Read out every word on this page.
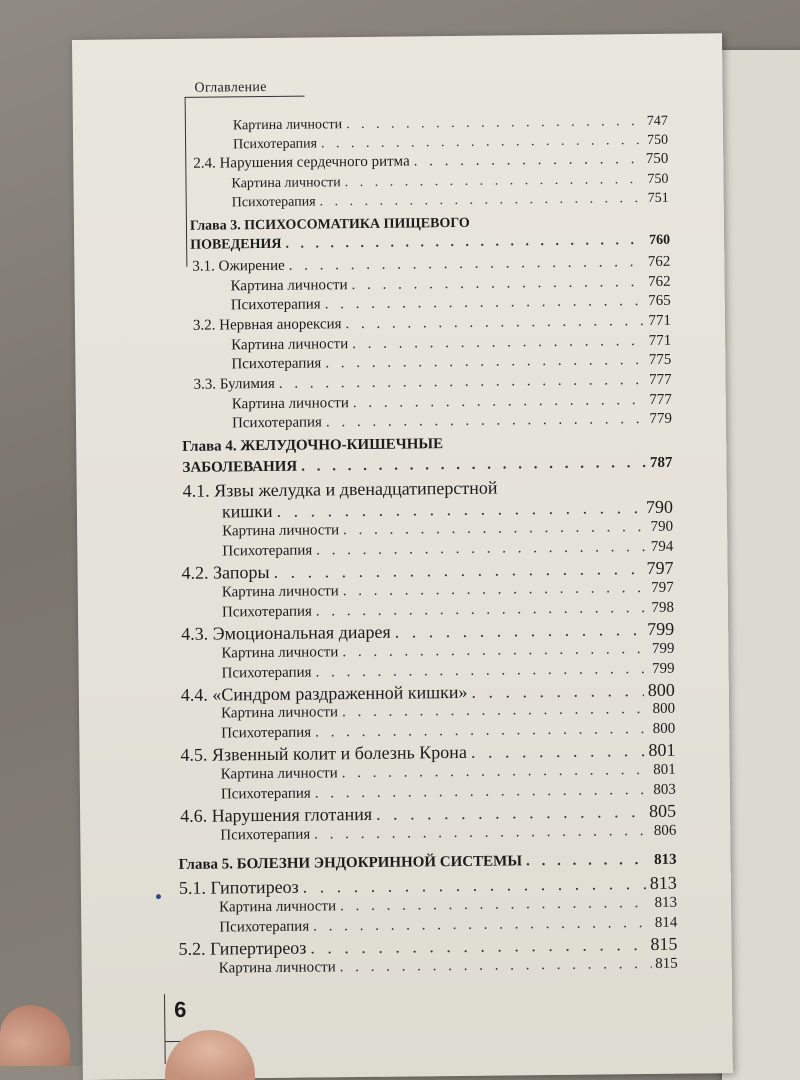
Оглавление
Картина личности . . .	747
Психотерапия . . .	750
2.4. Нарушения сердечного ритма . . .	750
Картина личности . . .	750
Психотерапия . . .	751
Глава 3. ПСИХОСОМАТИКА ПИЩЕВОГО
ПОВЕДЕНИЯ . . .	760
3.1. Ожирение . . .	762
Картина личности . . .	762
Психотерапия . . .	765
3.2. Нервная анорексия . . .	771
Картина личности . . .	771
Психотерапия . . .	775
3.3. Булимия . . .	777
Картина личности . . .	777
Психотерапия . . .	779
Глава 4. ЖЕЛУДОЧНО-КИШЕЧНЫЕ
ЗАБОЛЕВАНИЯ . . .	787
4.1. Язвы желудка и двенадцатиперстной
кишки . . .	790
Картина личности . . .	790
Психотерапия . . .	794
4.2. Запоры . . .	797
Картина личности . . .	797
Психотерапия . . .	798
4.3. Эмоциональная диарея . . .	799
Картина личности . . .	799
Психотерапия . . .	799
4.4. «Синдром раздраженной кишки» . . .	800
Картина личности . . .	800
Психотерапия . . .	800
4.5. Язвенный колит и болезнь Крона . . .	801
Картина личности . . .	801
Психотерапия . . .	803
4.6. Нарушения глотания . . .	805
Психотерапия . . .	806
Глава 5. БОЛЕЗНИ ЭНДОКРИННОЙ СИСТЕМЫ . . .	813
5.1. Гипотиреоз . . .	813
Картина личности . . .	813
Психотерапия . . .	814
5.2. Гипертиреоз . . .	815
Картина личности . . .	815
6
